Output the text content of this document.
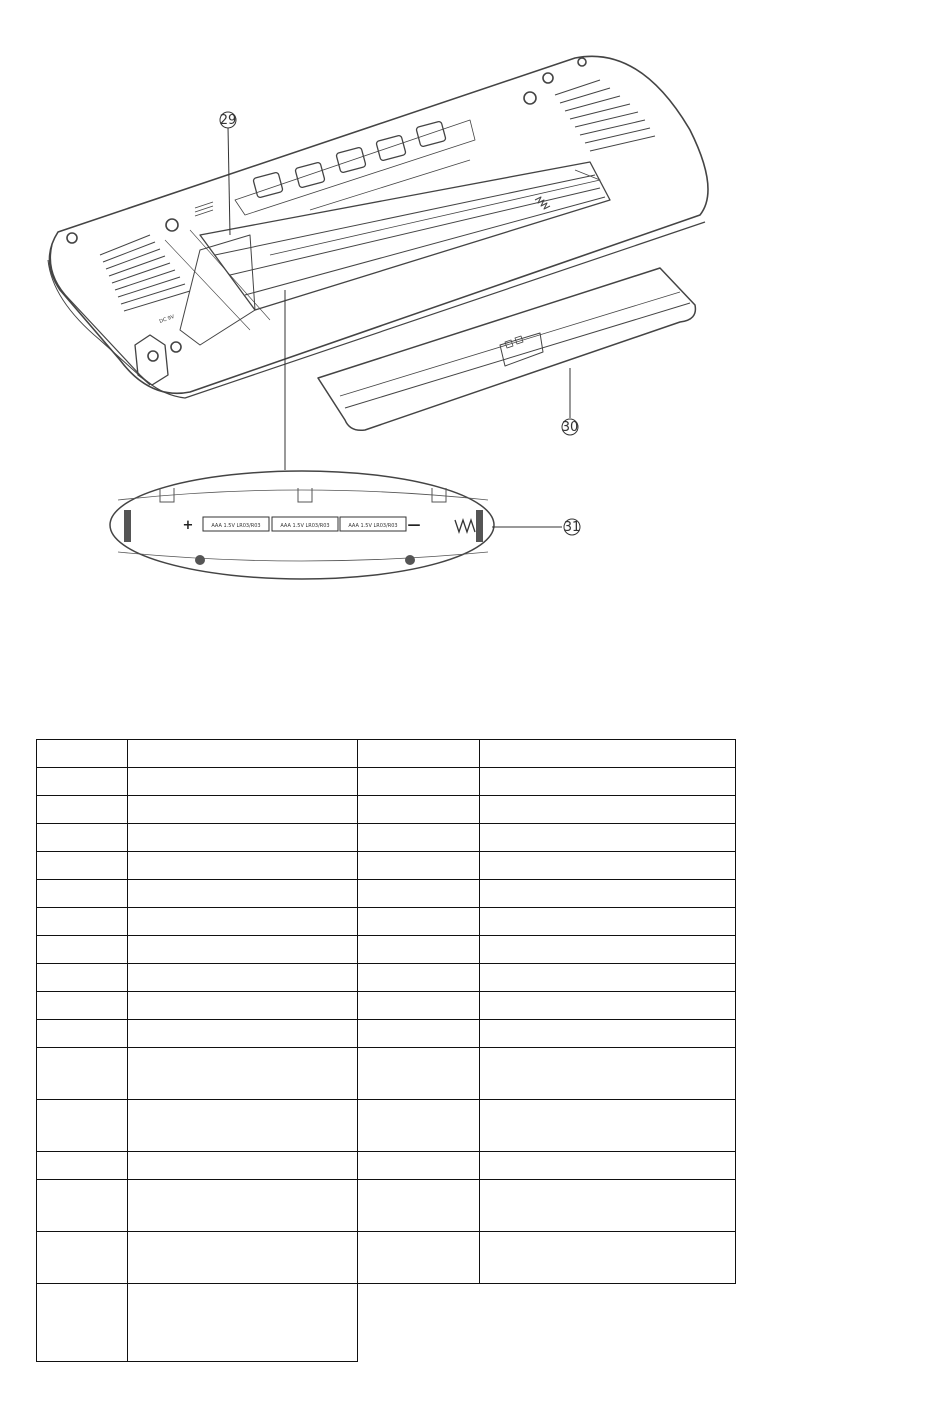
DC 9V
29
30
+	—
AAA 1.5V LR03/R03	AAA 1.5V LR03/R03	AAA 1.5V LR03/R03	31
